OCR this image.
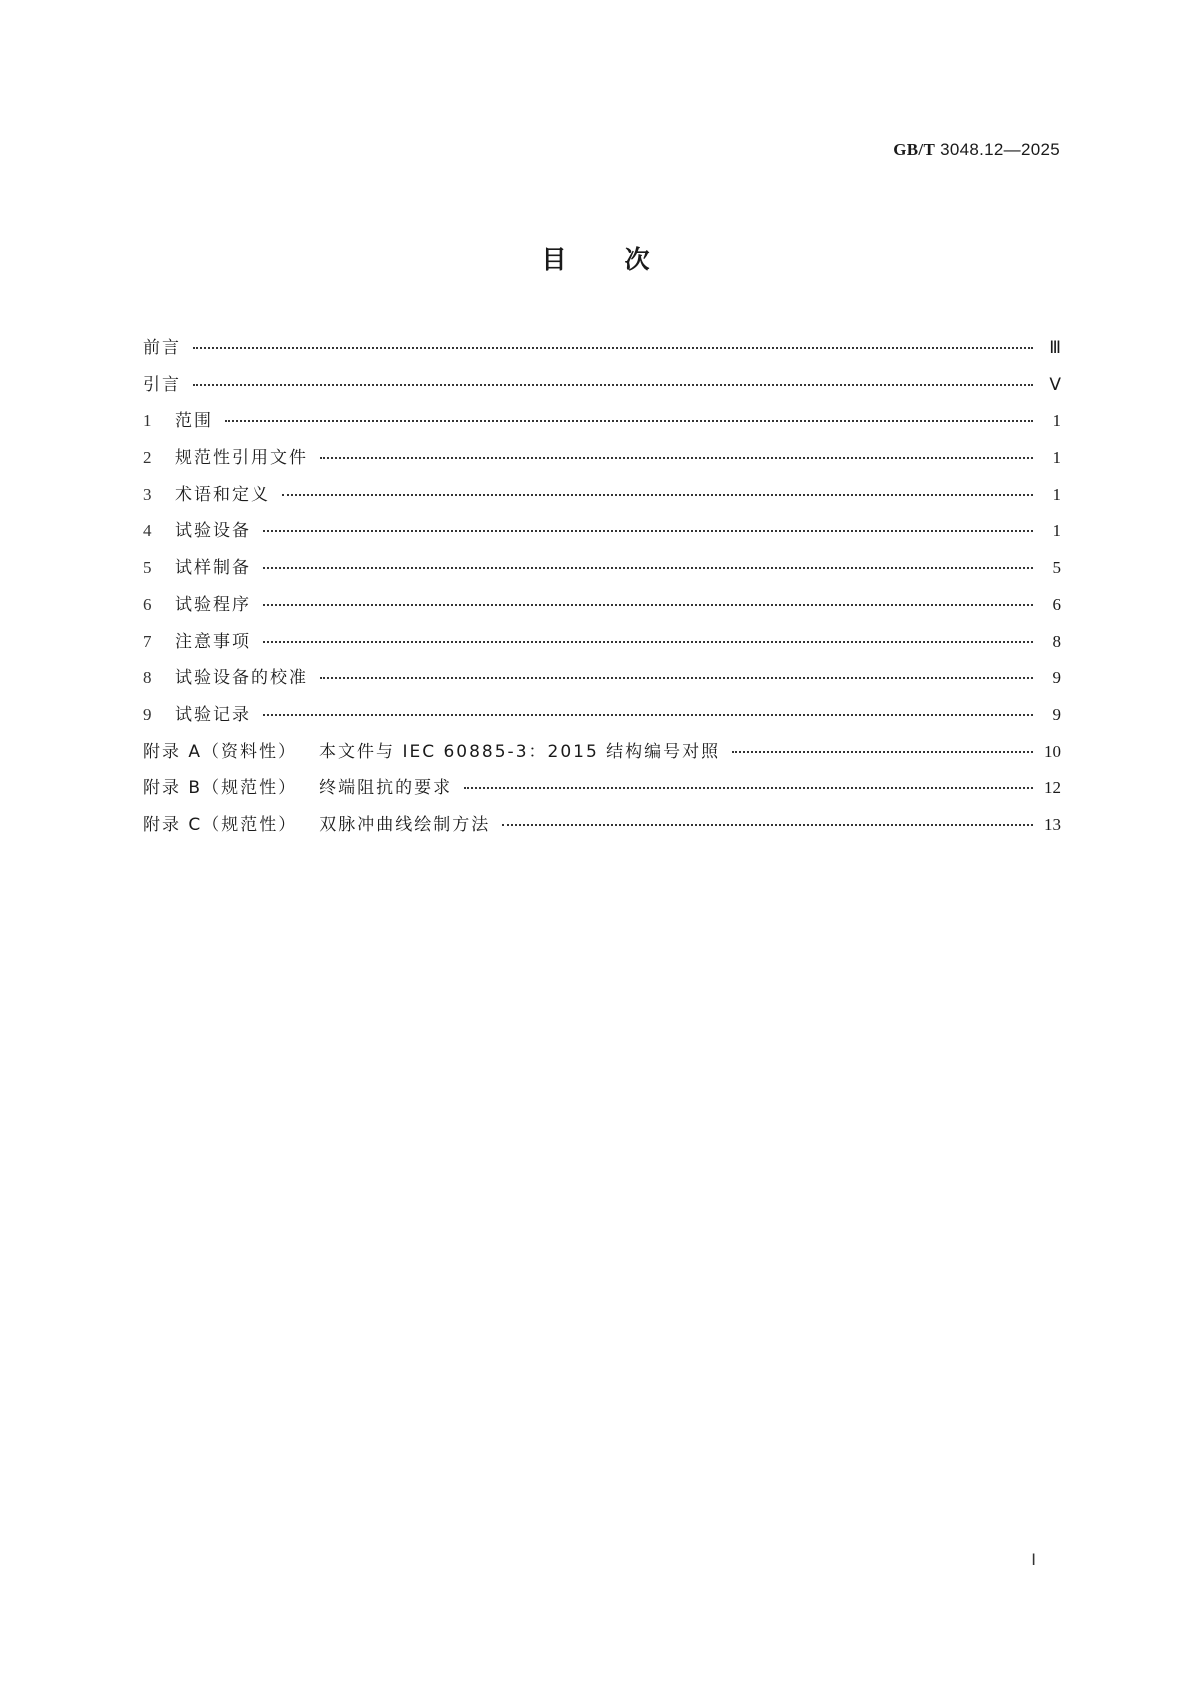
GB/T 3048.12—2025
目次
前言	Ⅲ
引言	Ⅴ
1	范围	1
2	规范性引用文件	1
3	术语和定义	1
4	试验设备	1
5	试样制备	5
6	试验程序	6
7	注意事项	8
8	试验设备的校准	9
9	试验记录	9
附录 A（资料性） 本文件与 IEC 60885-3：2015 结构编号对照	10
附录 B（规范性） 终端阻抗的要求	12
附录 C（规范性） 双脉冲曲线绘制方法	13
Ⅰ
